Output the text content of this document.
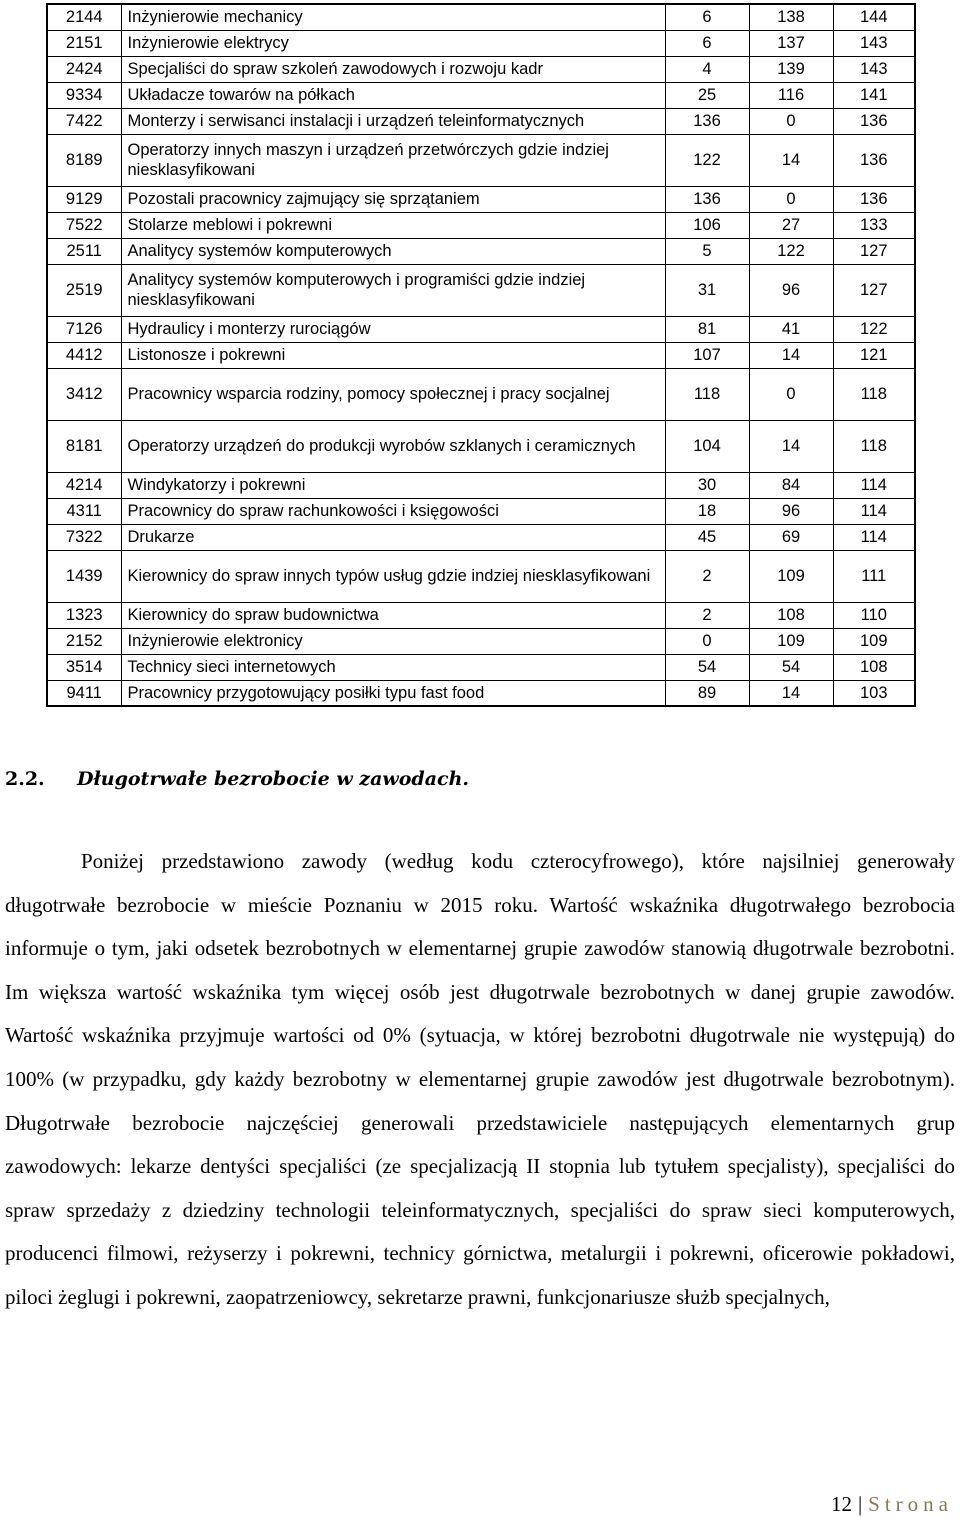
2144	Inżynierowie mechanicy	6	138	144
2151	Inżynierowie elektrycy	6	137	143
2424	Specjaliści do spraw szkoleń zawodowych i rozwoju kadr	4	139	143
9334	Układacze towarów na półkach	25	116	141
7422	Monterzy i serwisanci instalacji i urządzeń teleinformatycznych	136	0	136
8189	Operatorzy innych maszyn i urządzeń przetwórczych gdzie indziej niesklasyfikowani	122	14	136
9129	Pozostali pracownicy zajmujący się sprzątaniem	136	0	136
7522	Stolarze meblowi i pokrewni	106	27	133
2511	Analitycy systemów komputerowych	5	122	127
2519	Analitycy systemów komputerowych i programiści gdzie indziej niesklasyfikowani	31	96	127
7126	Hydraulicy i monterzy rurociągów	81	41	122
4412	Listonosze i pokrewni	107	14	121
3412	Pracownicy wsparcia rodziny, pomocy społecznej i pracy socjalnej	118	0	118
8181	Operatorzy urządzeń do produkcji wyrobów szklanych i ceramicznych	104	14	118
4214	Windykatorzy i pokrewni	30	84	114
4311	Pracownicy do spraw rachunkowości i księgowości	18	96	114
7322	Drukarze	45	69	114
1439	Kierownicy do spraw innych typów usług gdzie indziej niesklasyfikowani	2	109	111
1323	Kierownicy do spraw budownictwa	2	108	110
2152	Inżynierowie elektronicy	0	109	109
3514	Technicy sieci internetowych	54	54	108
9411	Pracownicy przygotowujący posiłki typu fast food	89	14	103
2.2. Długotrwałe bezrobocie w zawodach.

Poniżej przedstawiono zawody (według kodu czterocyfrowego), które najsilniej generowały długotrwałe bezrobocie w mieście Poznaniu w 2015 roku. Wartość wskaźnika długotrwałego bezrobocia informuje o tym, jaki odsetek bezrobotnych w elementarnej grupie zawodów stanowią długotrwale bezrobotni. Im większa wartość wskaźnika tym więcej osób jest długotrwale bezrobotnych w danej grupie zawodów. Wartość wskaźnika przyjmuje wartości od 0% (sytuacja, w której bezrobotni długotrwale nie występują) do 100% (w przypadku, gdy każdy bezrobotny w elementarnej grupie zawodów jest długotrwale bezrobotnym). Długotrwałe bezrobocie najczęściej generowali przedstawiciele następujących elementarnych grup zawodowych: lekarze dentyści specjaliści (ze specjalizacją II stopnia lub tytułem specjalisty), specjaliści do spraw sprzedaży z dziedziny technologii teleinformatycznych, specjaliści do spraw sieci komputerowych, producenci filmowi, reżyserzy i pokrewni, technicy górnictwa, metalurgii i pokrewni, oficerowie pokładowi, piloci żeglugi i pokrewni, zaopatrzeniowcy, sekretarze prawni, funkcjonariusze służb specjalnych,

12 | Strona
